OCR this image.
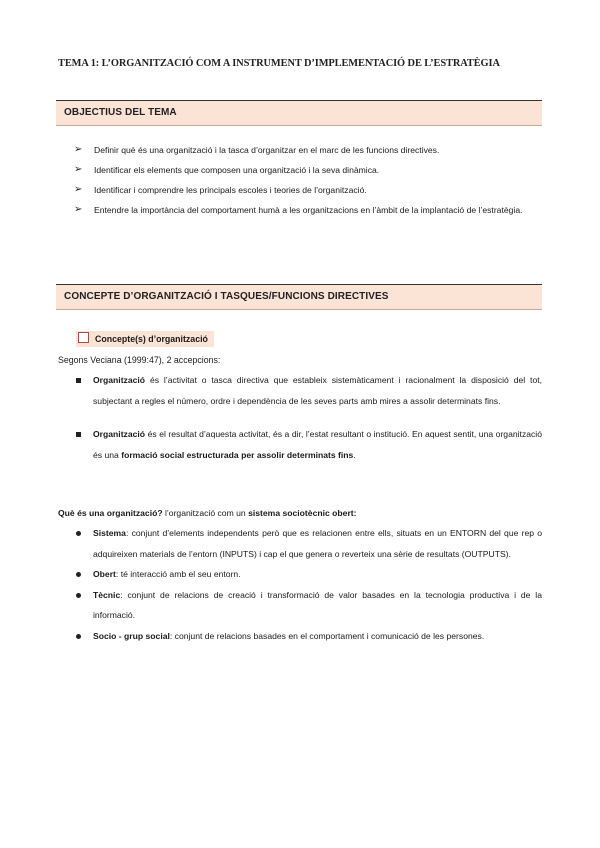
TEMA 1: L’ORGANITZACIÓ COM A INSTRUMENT D’IMPLEMENTACIÓ DE L’ESTRATÈGIA
OBJECTIUS DEL TEMA
➢ Definir què és una organització i la tasca d’organitzar en el marc de les funcions directives.
➢ Identificar els elements que composen una organització i la seva dinàmica.
➢ Identificar i comprendre les principals escoles i teories de l’organització.
➢ Entendre la importància del comportament humà a les organitzacions en l’àmbit de la implantació de l’estratègia.
CONCEPTE D’ORGANITZACIÓ I TASQUES/FUNCIONS DIRECTIVES
Concepte(s) d’organització
Segons Veciana (1999:47), 2 accepcions:
Organització és l’activitat o tasca directiva que estableix sistemàticament i racionalment la disposició del tot, subjectant a regles el número, ordre i dependència de les seves parts amb mires a assolir determinats fins.
Organització és el resultat d’aquesta activitat, és a dir, l’estat resultant o institució. En aquest sentit, una organització és una formació social estructurada per assolir determinats fins.
Què és una organització? l’organització com un sistema sociotècnic obert:
Sistema: conjunt d’elements independents però que es relacionen entre ells, situats en un ENTORN del que rep o adquireixen materials de l’entorn (INPUTS) i cap el que genera o reverteix una sèrie de resultats (OUTPUTS).
Obert: té interacció amb el seu entorn.
Tècnic: conjunt de relacions de creació i transformació de valor basades en la tecnologia productiva i de la informació.
Socio - grup social: conjunt de relacions basades en el comportament i comunicació de les persones.
